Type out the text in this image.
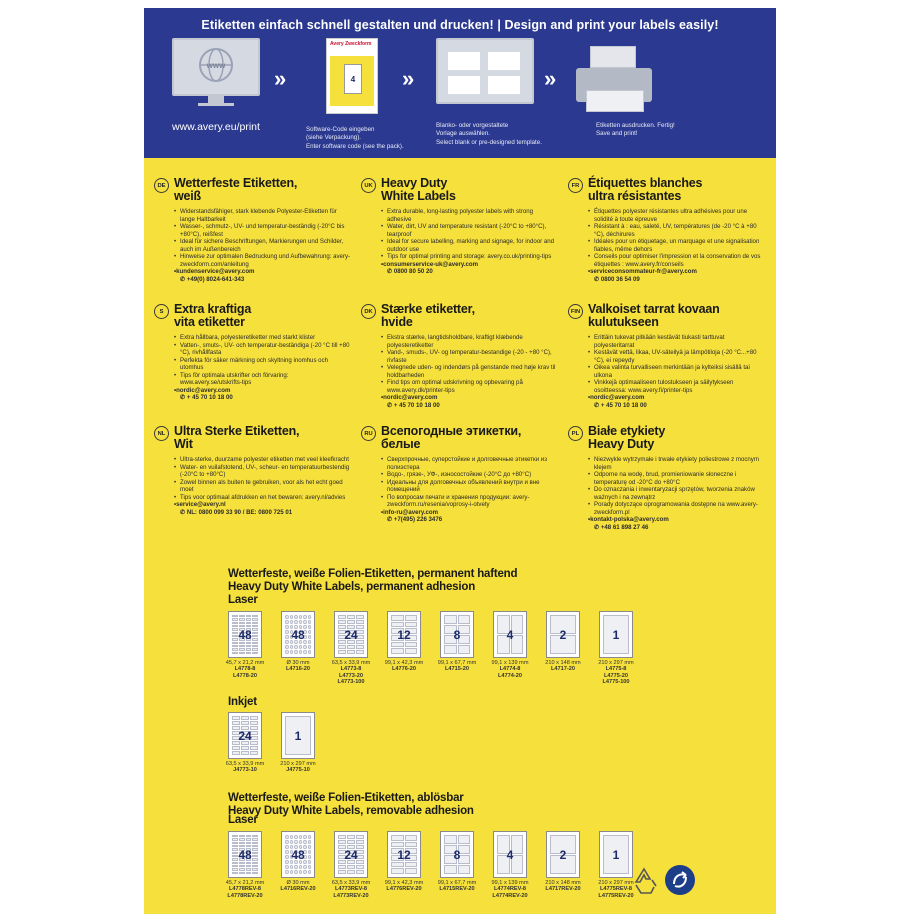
Etiketten einfach schnell gestalten und drucken! | Design and print your labels easily!
www
»
Avery Zweckform
4
Software-Code eingeben
(siehe Verpackung).
Enter software code (see the pack).
»
Blanko- oder vorgestaltete
Vorlage auswählen.
Select blank or pre-designed template.
»
Etiketten ausdrucken. Fertig!
Save and print!
www.avery.eu/print
DE Wetterfeste Etiketten,
weiß
• Widerstandsfähiger, stark klebende Polyester-Etiketten für lange Haltbarkeit
• Wasser-, schmutz-, UV- und temperatur-beständig (-20°C bis +80°C), reißfest
• Ideal für sichere Beschriftungen, Markierungen und Schilder, auch im Außenbereich
• Hinweise zur optimalen Bedruckung und Aufbewahrung: avery-zweckform.com/anleitung
• kundenservice@avery.com
✆ +49(0) 8024-641-343
UK Heavy Duty
White Labels
• Extra durable, long-lasting polyester labels with strong adhesive
• Water, dirt, UV and temperature resistant (-20°C to +80°C), tearproof
• Ideal for secure labelling, marking and signage, for indoor and outdoor use
• Tips for optimal printing and storage: avery.co.uk/printing-tips
• consumerservice-uk@avery.com
✆ 0800 80 50 20
FR Étiquettes blanches
ultra résistantes
• Étiquettes polyester résistantes ultra adhésives pour une solidité à toute épreuve
• Résistant à : eau, saleté, UV, températures (de -20 °C à +80 °C), déchirures
• Idéales pour un étiquetage, un marquage et une signalisation fiables, même dehors
• Conseils pour optimiser l'impression et la conservation de vos étiquettes : www.avery.fr/conseils
• serviceconsommateur-fr@avery.com
✆ 0800 36 54 09
S Extra kraftiga
vita etiketter
• Extra hållbara, polyesteretiketter med starkt klister
• Vatten-, smuts-, UV- och temperatur-beständiga (-20 °C till +80 °C), rivhållfasta
• Perfekta för säker märkning och skyltning inomhus och utomhus
• Tips för optimala utskrifter och förvaring: www.avery.se/utskrifts-tips
• nordic@avery.com
✆ + 45 70 10 18 00
DK Stærke etiketter,
hvide
• Ekstra stærke, langtidsholdbare, kraftigt klæbende polyesteretiketter
• Vand-, smuds-, UV- og temperatur-bestandige (-20 - +80 °C), rivfaste
• Velegnede uden- og indendørs på genstande med høje krav til holdbarheden
• Find tips om optimal udskrivning og opbevaring på www.avery.dk/printer-tips
• nordic@avery.com
✆ + 45 70 10 18 00
FIN Valkoiset tarrat kovaan
kulutukseen
• Erittäin tukevat pitkään kestävät tiukasti tarttuvat polyesteritarrat
• Kestävät vettä, likaa, UV-säteilyä ja lämpötiloja (-20 °C...+80 °C), ei repeydy
• Oikea valinta turvalliseen merkintään ja kylteiksi sisällä tai ulkona
• Vinkkejä optimaaliseen tulostukseen ja säilytykseen osoitteessa: www.avery.fi/printer-tips
• nordic@avery.com
✆ + 45 70 10 18 00
NL Ultra Sterke Etiketten,
Wit
• Ultra-sterke, duurzame polyester etiketten met veel kleefkracht
• Water- en vuilafstotend, UV-, scheur- en temperatuurbestendig (-20°C to +80°C)
• Zowel binnen als buiten te gebruiken, voor als het echt goed moet
• Tips voor optimaal afdrukken en het bewaren: avery.nl/advies
• service@avery.nl
✆ NL: 0800 099 33 90 / BE: 0800 725 01
RU Всепогодные этикетки,
белые
• Сверхпрочные, суперстойкие и долговечные этикетки из полиэстера
• Водо-, грязе-, УФ-, износостойкие (-20°C до +80°C)
• Идеальны для долговечных объявлений внутри и вне помещений
• По вопросам печати и хранения продукции: avery-zweckform.ru/resenia/voprosy-i-otvety
• info-ru@avery.com
✆ +7(495) 226 3476
PL Białe etykiety
Heavy Duty
• Niezwykle wytrzymałe i trwałe etykiety poliestrowe z mocnym klejem
• Odporne na wodę, brud, promieniowanie słoneczne i temperaturę od -20°C do +80°C
• Do oznaczania i inwentaryzacji sprzętów, tworzenia znaków ważnych i na zewnątrz
• Porady dotyczące oprogramowania dostępne na www.avery-zweckform.pl
• kontakt-polska@avery.com
✆ +48 61 898 27 46
Wetterfeste, weiße Folien-Etiketten, permanent haftend
Heavy Duty White Labels, permanent adhesion
Laser
48
45,7 x 21,2 mm
L4778-8
L4778-20
48
Ø 30 mm
L4716-20
24
63,5 x 33,9 mm
L4773-8
L4773-20
L4773-100
12
99,1 x 42,3 mm
L4776-20
8
99,1 x 67,7 mm
L4715-20
4
99,1 x 139 mm
L4774-8
L4774-20
2
210 x 148 mm
L4717-20
1
210 x 297 mm
L4775-8
L4775-20
L4775-100
Inkjet
24
63,5 x 33,9 mm
J4773-10
1
210 x 297 mm
J4775-10
Wetterfeste, weiße Folien-Etiketten, ablösbar
Heavy Duty White Labels, removable adhesion
Laser
48
45,7 x 21,2 mm
L4778REV-8
L4778REV-20
48
Ø 30 mm
L4716REV-20
24
63,5 x 33,9 mm
L4773REV-8
L4773REV-20
12
99,1 x 42,3 mm
L4776REV-20
8
99,1 x 67,7 mm
L4715REV-20
4
99,1 x 139 mm
L4774REV-8
L4774REV-20
2
210 x 148 mm
L4717REV-20
1
210 x 297 mm
L4775REV-8
L4775REV-20
